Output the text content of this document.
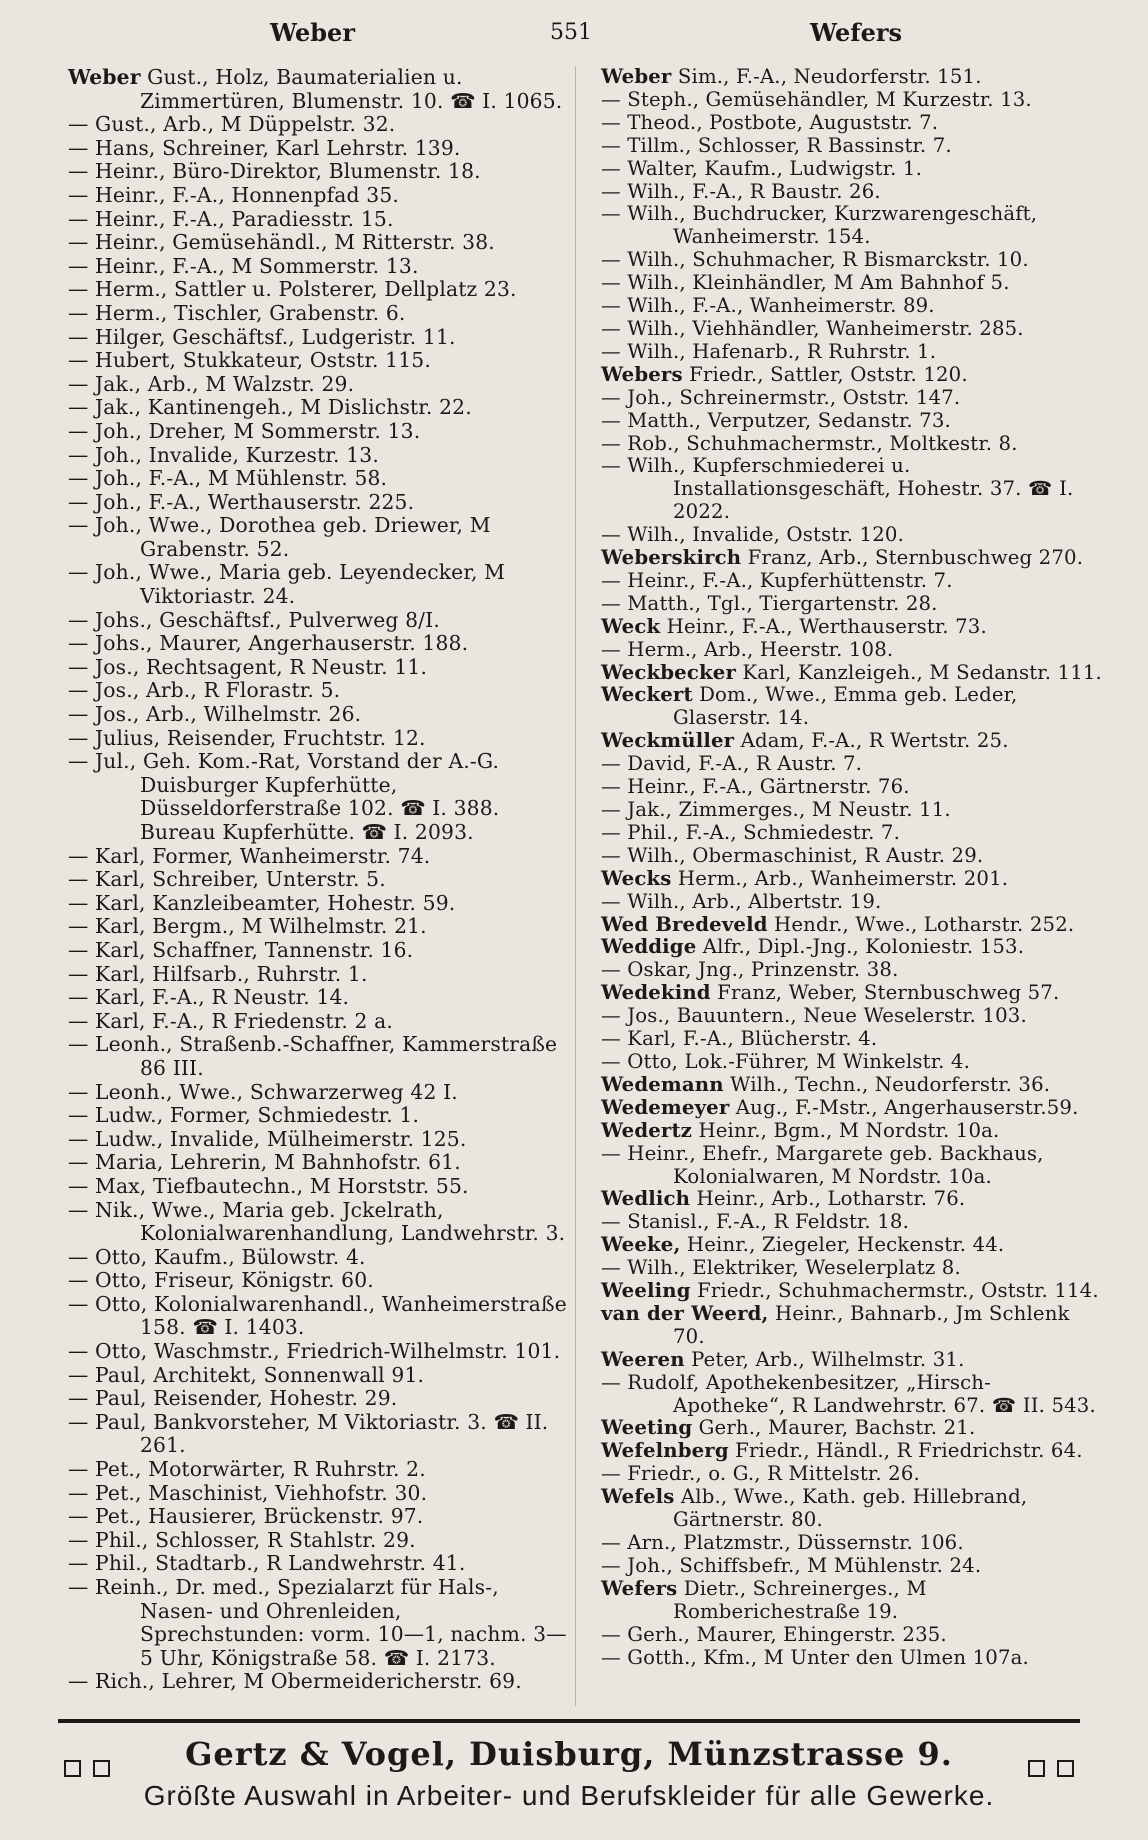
Weber	551	Wefers
Weber Gust., Holz, Baumaterialien u. Zimmertüren, Blumenstr. 10. ☎ I. 1065.
— Gust., Arb., M Düppelstr. 32.
— Hans, Schreiner, Karl Lehrstr. 139.
— Heinr., Büro-Direktor, Blumenstr. 18.
— Heinr., F.-A., Honnenpfad 35.
— Heinr., F.-A., Paradiesstr. 15.
— Heinr., Gemüsehändl., M Ritterstr. 38.
— Heinr., F.-A., M Sommerstr. 13.
— Herm., Sattler u. Polsterer, Dellplatz 23.
— Herm., Tischler, Grabenstr. 6.
— Hilger, Geschäftsf., Ludgeristr. 11.
— Hubert, Stukkateur, Oststr. 115.
— Jak., Arb., M Walzstr. 29.
— Jak., Kantinengeh., M Dislichstr. 22.
— Joh., Dreher, M Sommerstr. 13.
— Joh., Invalide, Kurzestr. 13.
— Joh., F.-A., M Mühlenstr. 58.
— Joh., F.-A., Werthauserstr. 225.
— Joh., Wwe., Dorothea geb. Driewer, M Grabenstr. 52.
— Joh., Wwe., Maria geb. Leyendecker, M Viktoriastr. 24.
— Johs., Geschäftsf., Pulverweg 8/I.
— Johs., Maurer, Angerhauserstr. 188.
— Jos., Rechtsagent, R Neustr. 11.
— Jos., Arb., R Florastr. 5.
— Jos., Arb., Wilhelmstr. 26.
— Julius, Reisender, Fruchtstr. 12.
— Jul., Geh. Kom.-Rat, Vorstand der A.-G. Duisburger Kupferhütte, Düsseldorferstraße 102. ☎ I. 388. Bureau Kupferhütte. ☎ I. 2093.
— Karl, Former, Wanheimerstr. 74.
— Karl, Schreiber, Unterstr. 5.
— Karl, Kanzleibeamter, Hohestr. 59.
— Karl, Bergm., M Wilhelmstr. 21.
— Karl, Schaffner, Tannenstr. 16.
— Karl, Hilfsarb., Ruhrstr. 1.
— Karl, F.-A., R Neustr. 14.
— Karl, F.-A., R Friedenstr. 2 a.
— Leonh., Straßenb.-Schaffner, Kammerstraße 86 III.
— Leonh., Wwe., Schwarzerweg 42 I.
— Ludw., Former, Schmiedestr. 1.
— Ludw., Invalide, Mülheimerstr. 125.
— Maria, Lehrerin, M Bahnhofstr. 61.
— Max, Tiefbautechn., M Horststr. 55.
— Nik., Wwe., Maria geb. Jckelrath, Kolonialwarenhandlung, Landwehrstr. 3.
— Otto, Kaufm., Bülowstr. 4.
— Otto, Friseur, Königstr. 60.
— Otto, Kolonialwarenhandl., Wanheimerstraße 158. ☎ I. 1403.
— Otto, Waschmstr., Friedrich-Wilhelmstr. 101.
— Paul, Architekt, Sonnenwall 91.
— Paul, Reisender, Hohestr. 29.
— Paul, Bankvorsteher, M Viktoriastr. 3. ☎ II. 261.
— Pet., Motorwärter, R Ruhrstr. 2.
— Pet., Maschinist, Viehhofstr. 30.
— Pet., Hausierer, Brückenstr. 97.
— Phil., Schlosser, R Stahlstr. 29.
— Phil., Stadtarb., R Landwehrstr. 41.
— Reinh., Dr. med., Spezialarzt für Hals-, Nasen- und Ohrenleiden, Sprechstunden: vorm. 10—1, nachm. 3—5 Uhr, Königstraße 58. ☎ I. 2173.
— Rich., Lehrer, M Obermeidericherstr. 69.
Weber Sim., F.-A., Neudorferstr. 151.
— Steph., Gemüsehändler, M Kurzestr. 13.
— Theod., Postbote, Auguststr. 7.
— Tillm., Schlosser, R Bassinstr. 7.
— Walter, Kaufm., Ludwigstr. 1.
— Wilh., F.-A., R Baustr. 26.
— Wilh., Buchdrucker, Kurzwarengeschäft, Wanheimerstr. 154.
— Wilh., Schuhmacher, R Bismarckstr. 10.
— Wilh., Kleinhändler, M Am Bahnhof 5.
— Wilh., F.-A., Wanheimerstr. 89.
— Wilh., Viehhändler, Wanheimerstr. 285.
— Wilh., Hafenarb., R Ruhrstr. 1.
Webers Friedr., Sattler, Oststr. 120.
— Joh., Schreinermstr., Oststr. 147.
— Matth., Verputzer, Sedanstr. 73.
— Rob., Schuhmachermstr., Moltkestr. 8.
— Wilh., Kupferschmiederei u. Installationsgeschäft, Hohestr. 37. ☎ I. 2022.
— Wilh., Invalide, Oststr. 120.
Weberskirch Franz, Arb., Sternbuschweg 270.
— Heinr., F.-A., Kupferhüttenstr. 7.
— Matth., Tgl., Tiergartenstr. 28.
Weck Heinr., F.-A., Werthauserstr. 73.
— Herm., Arb., Heerstr. 108.
Weckbecker Karl, Kanzleigeh., M Sedanstr. 111.
Weckert Dom., Wwe., Emma geb. Leder, Glaserstr. 14.
Weckmüller Adam, F.-A., R Wertstr. 25.
— David, F.-A., R Austr. 7.
— Heinr., F.-A., Gärtnerstr. 76.
— Jak., Zimmerges., M Neustr. 11.
— Phil., F.-A., Schmiedestr. 7.
— Wilh., Obermaschinist, R Austr. 29.
Wecks Herm., Arb., Wanheimerstr. 201.
— Wilh., Arb., Albertstr. 19.
Wed Bredeveld Hendr., Wwe., Lotharstr. 252.
Weddige Alfr., Dipl.-Jng., Koloniestr. 153.
— Oskar, Jng., Prinzenstr. 38.
Wedekind Franz, Weber, Sternbuschweg 57.
— Jos., Bauuntern., Neue Weselerstr. 103.
— Karl, F.-A., Blücherstr. 4.
— Otto, Lok.-Führer, M Winkelstr. 4.
Wedemann Wilh., Techn., Neudorferstr. 36.
Wedemeyer Aug., F.-Mstr., Angerhauserstr.59.
Wedertz Heinr., Bgm., M Nordstr. 10a.
— Heinr., Ehefr., Margarete geb. Backhaus, Kolonialwaren, M Nordstr. 10a.
Wedlich Heinr., Arb., Lotharstr. 76.
— Stanisl., F.-A., R Feldstr. 18.
Weeke, Heinr., Ziegeler, Heckenstr. 44.
— Wilh., Elektriker, Weselerplatz 8.
Weeling Friedr., Schuhmachermstr., Oststr. 114.
van der Weerd, Heinr., Bahnarb., Jm Schlenk 70.
Weeren Peter, Arb., Wilhelmstr. 31.
— Rudolf, Apothekenbesitzer, „Hirsch-Apotheke“, R Landwehrstr. 67. ☎ II. 543.
Weeting Gerh., Maurer, Bachstr. 21.
Wefelnberg Friedr., Händl., R Friedrichstr. 64.
— Friedr., o. G., R Mittelstr. 26.
Wefels Alb., Wwe., Kath. geb. Hillebrand, Gärtnerstr. 80.
— Arn., Platzmstr., Düssernstr. 106.
— Joh., Schiffsbefr., M Mühlenstr. 24.
Wefers Dietr., Schreinerges., M Romberichestraße 19.
— Gerh., Maurer, Ehingerstr. 235.
— Gotth., Kfm., M Unter den Ulmen 107a.
Gertz & Vogel, Duisburg, Münzstrasse 9.
Größte Auswahl in Arbeiter- und Berufskleider für alle Gewerke.
